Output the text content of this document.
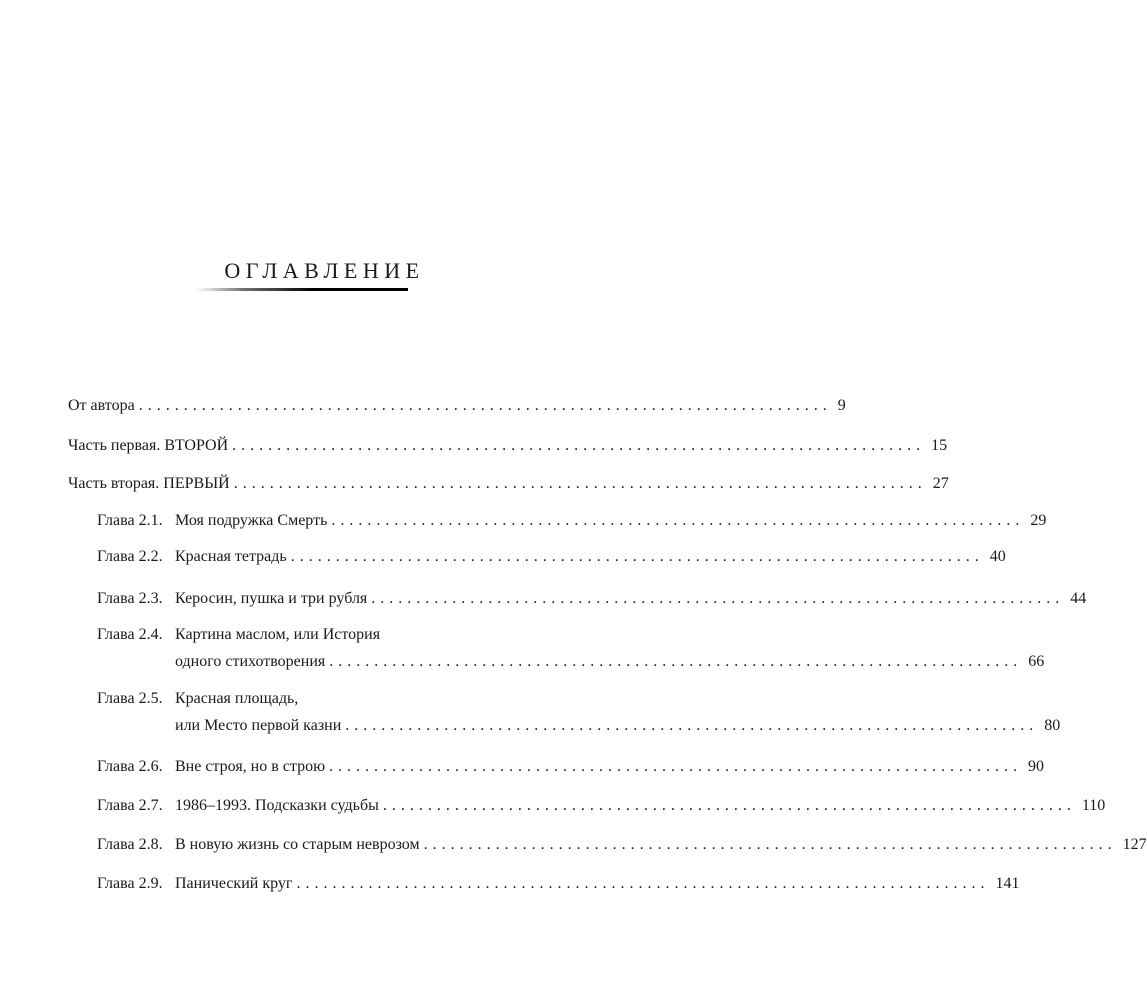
ОГЛАВЛЕНИЕ
От автора ............................................................................. 9
Часть первая. ВТОРОЙ ............................................................................. 15
Часть вторая. ПЕРВЫЙ ............................................................................. 27
Глава 2.1. Моя подружка Смерть ............................................................................. 29
Глава 2.2. Красная тетрадь ............................................................................. 40
Глава 2.3. Керосин, пушка и три рубля ............................................................................. 44
Глава 2.4. Картина маслом, или История
одного стихотворения ............................................................................. 66
Глава 2.5. Красная площадь,
или Место первой казни ............................................................................. 80
Глава 2.6. Вне строя, но в строю ............................................................................. 90
Глава 2.7. 1986–1993. Подсказки судьбы ............................................................................. 110
Глава 2.8. В новую жизнь со старым неврозом ............................................................................. 127
Глава 2.9. Панический круг ............................................................................. 141
